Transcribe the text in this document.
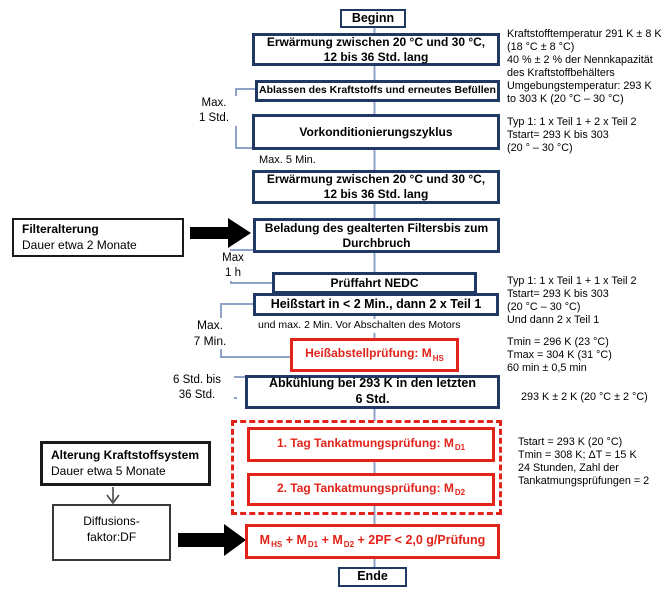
Beginn
Erwärmung zwischen 20 °C und 30 °C,
12 bis 36 Std. lang
Ablassen des Kraftstoffs und erneutes Befüllen
Vorkonditionierungszyklus
Erwärmung zwischen 20 °C und 30 °C,
12 bis 36 Std. lang
Beladung des gealterten Filtersbis zum
Durchbruch
Prüffahrt NEDC
Heißstart in < 2 Min., dann 2 x Teil 1
Heißabstellprüfung: $M_{HS}$
Abkühlung bei 293 K in den letzten
6 Std.
1. Tag Tankatmungsprüfung: $M_{D1}$
2. Tag Tankatmungsprüfung: $M_{D2}$
$M_{HS} + M_{D1} + M_{D2} + 2PF < 2,0$ g/Prüfung
Ende
Filteralterung
Dauer etwa 2 Monate
Alterung Kraftstoffsystem
Dauer etwa 5 Monate
Diffusions-
faktor:DF
Max.
1 Std.
Max. 5 Min.
Max
1 h
Max.
7 Min.
und max. 2 Min. Vor Abschalten des Motors
6 Std. bis
36 Std.
Kraftstofftemperatur 291 K ± 8 K
(18 °C ± 8 °C)
40 % ± 2 % der Nennkapazität
des Kraftstoffbehälters
Umgebungstemperatur: 293 K
to 303 K (20 °C – 30 °C)
Typ 1: 1 x Teil 1 + 2 x Teil 2
Tstart= 293 K bis 303
(20 ° – 30 °C)
Typ 1: 1 x Teil 1 + 1 x Teil 2
Tstart= 293 K bis 303
(20 °C – 30 °C)
Und dann 2 x Teil 1
Tmin = 296 K (23 °C)
Tmax = 304 K (31 °C)
60 min ± 0,5 min
293 K ± 2 K (20 °C ± 2 °C)
Tstart = 293 K (20 °C)
Tmin = 308 K; ΔT = 15 K
24 Stunden, Zahl der
Tankatmungsprüfungen = 2
